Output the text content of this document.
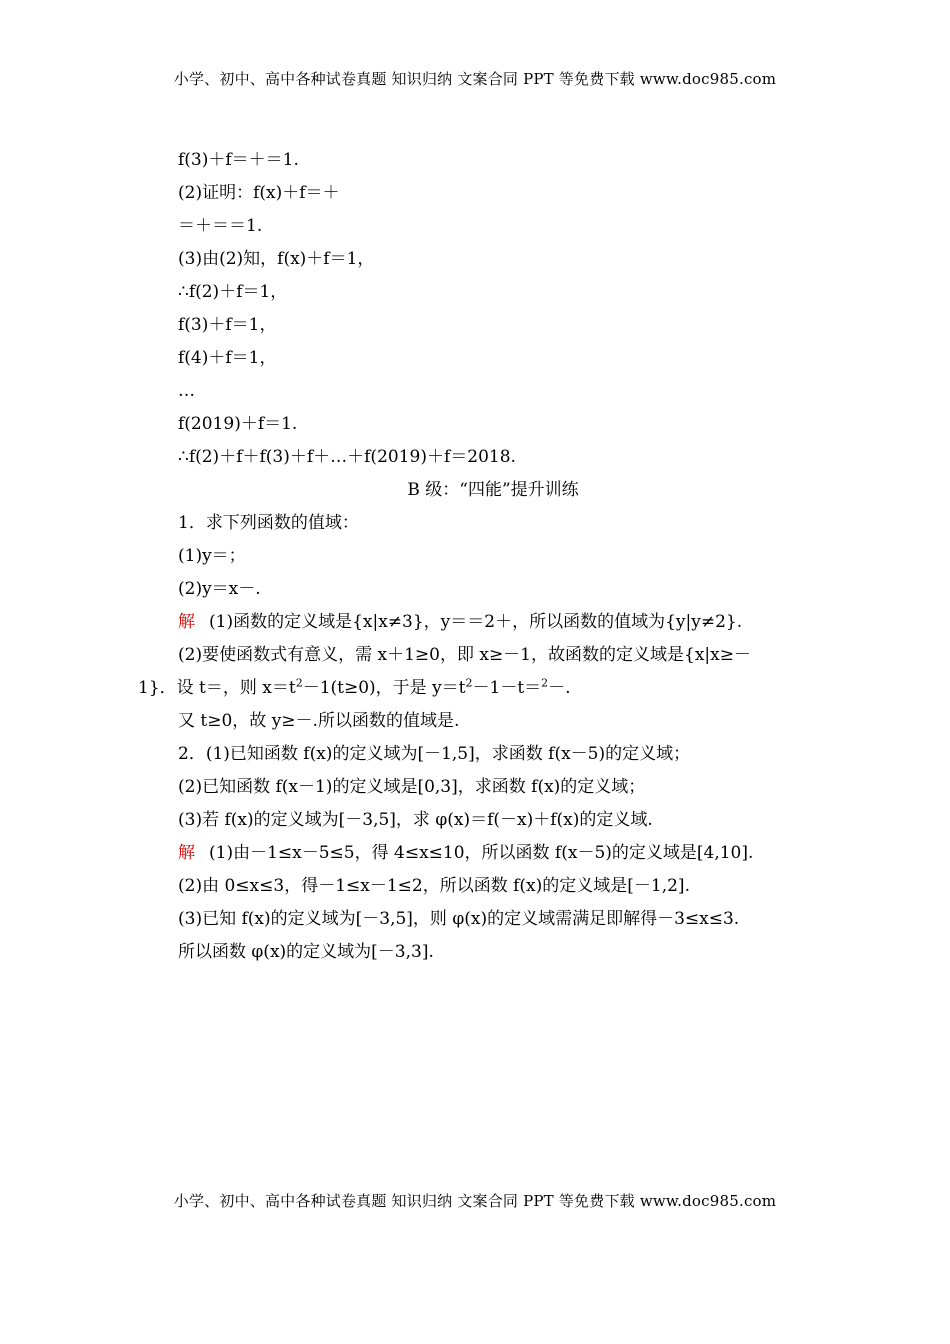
小学、初中、高中各种试卷真题 知识归纳 文案合同 PPT 等免费下载 www.doc985.com
f(3)＋f＝＋＝1.
(2)证明：f(x)＋f＝＋
＝＋＝＝1.
(3)由(2)知，f(x)＋f＝1，
∴f(2)＋f＝1，
f(3)＋f＝1，
f(4)＋f＝1，
…
f(2019)＋f＝1.
∴f(2)＋f＋f(3)＋f＋…＋f(2019)＋f＝2018.
B 级：“四能”提升训练
1．求下列函数的值域：
(1)y＝；
(2)y＝x－.
解 (1)函数的定义域是{x|x≠3}，y＝＝2＋，所以函数的值域为{y|y≠2}.
(2)要使函数式有意义，需 x＋1≥0，即 x≥－1，故函数的定义域是{x|x≥－
1}．设 t＝，则 $x=t^2-1(t\ge 0)$，于是 $y=t^2-1-t=^2-$.
又 t≥0，故 y≥－.所以函数的值域是.
2．(1)已知函数 f(x)的定义域为[－1,5]，求函数 f(x－5)的定义域；
(2)已知函数 f(x－1)的定义域是[0,3]，求函数 f(x)的定义域；
(3)若 f(x)的定义域为[－3,5]，求 φ(x)＝f(－x)＋f(x)的定义域.
解 (1)由－1≤x－5≤5，得 4≤x≤10，所以函数 f(x－5)的定义域是[4,10].
(2)由 0≤x≤3，得－1≤x－1≤2，所以函数 f(x)的定义域是[－1,2].
(3)已知 f(x)的定义域为[－3,5]，则 φ(x)的定义域需满足即解得－3≤x≤3.
所以函数 φ(x)的定义域为[－3,3].
小学、初中、高中各种试卷真题 知识归纳 文案合同 PPT 等免费下载 www.doc985.com
